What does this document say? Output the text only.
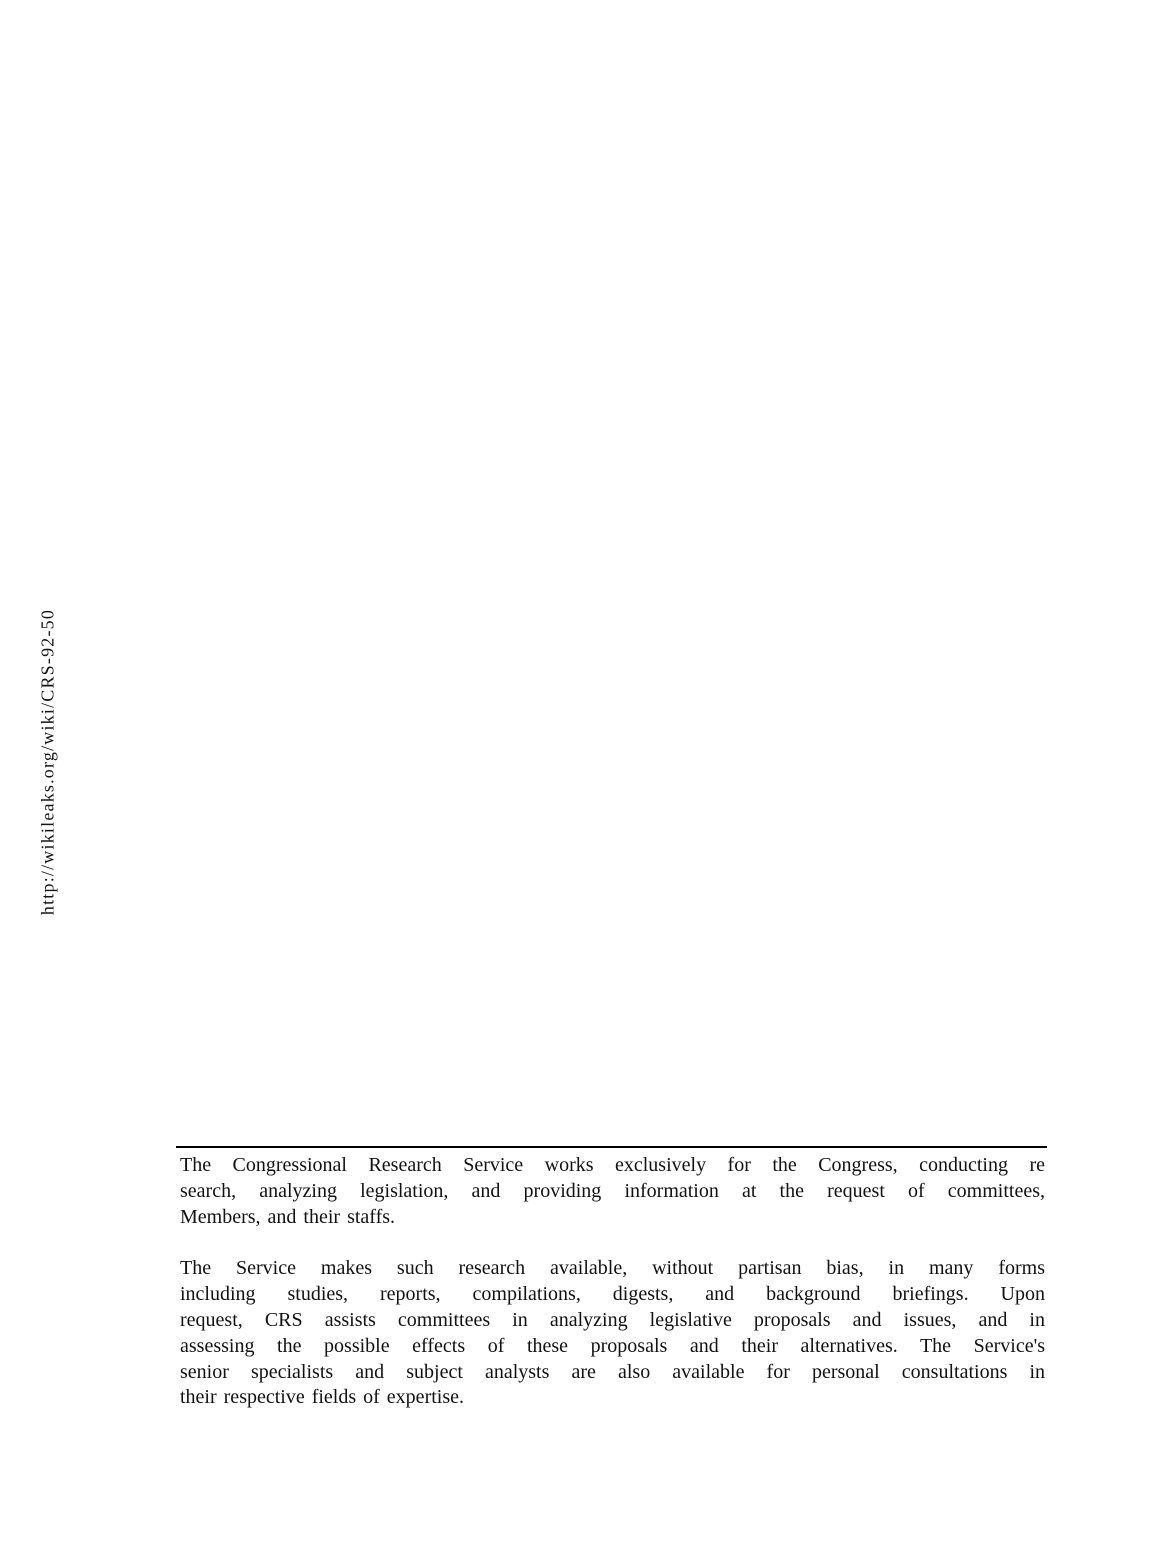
http://wikileaks.org/wiki/CRS-92-50
The Congressional Research Service works exclusively for the Congress, conducting re
search, analyzing legislation, and providing information at the request of committees,
Members, and their staffs.
The Service makes such research available, without partisan bias, in many forms
including studies, reports, compilations, digests, and background briefings. Upon
request, CRS assists committees in analyzing legislative proposals and issues, and in
assessing the possible effects of these proposals and their alternatives. The Service's
senior specialists and subject analysts are also available for personal consultations in
their respective fields of expertise.
